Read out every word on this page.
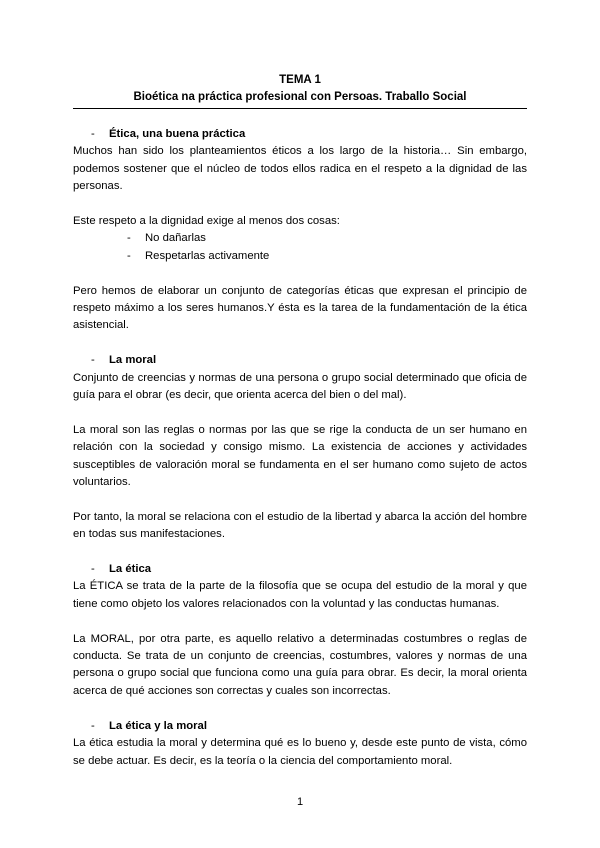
TEMA 1
Bioética na práctica profesional con Persoas. Traballo Social
-	Ética, una buena práctica

Muchos han sido los planteamientos éticos a los largo de la historia… Sin embargo, podemos sostener que el núcleo de todos ellos radica en el respeto a la dignidad de las personas.

Este respeto a la dignidad exige al menos dos cosas:

-	No dañarlas
-	Respetarlas activamente

Pero hemos de elaborar un conjunto de categorías éticas que expresan el principio de respeto máximo a los seres humanos.Y ésta es la tarea de la fundamentación de la ética asistencial.

-	La moral

Conjunto de creencias y normas de una persona o grupo social determinado que oficia de guía para el obrar (es decir, que orienta acerca del bien o del mal).

La moral son las reglas o normas por las que se rige la conducta de un ser humano en relación con la sociedad y consigo mismo. La existencia de acciones y actividades susceptibles de valoración moral se fundamenta en el ser humano como sujeto de actos voluntarios.

Por tanto, la moral se relaciona con el estudio de la libertad y abarca la acción del hombre en todas sus manifestaciones.

-	La ética

La ÉTICA se trata de la parte de la filosofía que se ocupa del estudio de la moral y que tiene como objeto los valores relacionados con la voluntad y las conductas humanas.

La MORAL, por otra parte, es aquello relativo a determinadas costumbres o reglas de conducta. Se trata de un conjunto de creencias, costumbres, valores y normas de una persona o grupo social que funciona como una guía para obrar. Es decir, la moral orienta acerca de qué acciones son correctas y cuales son incorrectas.

-	La ética y la moral

La ética estudia la moral y determina qué es lo bueno y, desde este punto de vista, cómo se debe actuar. Es decir, es la teoría o la ciencia del comportamiento moral.

1
